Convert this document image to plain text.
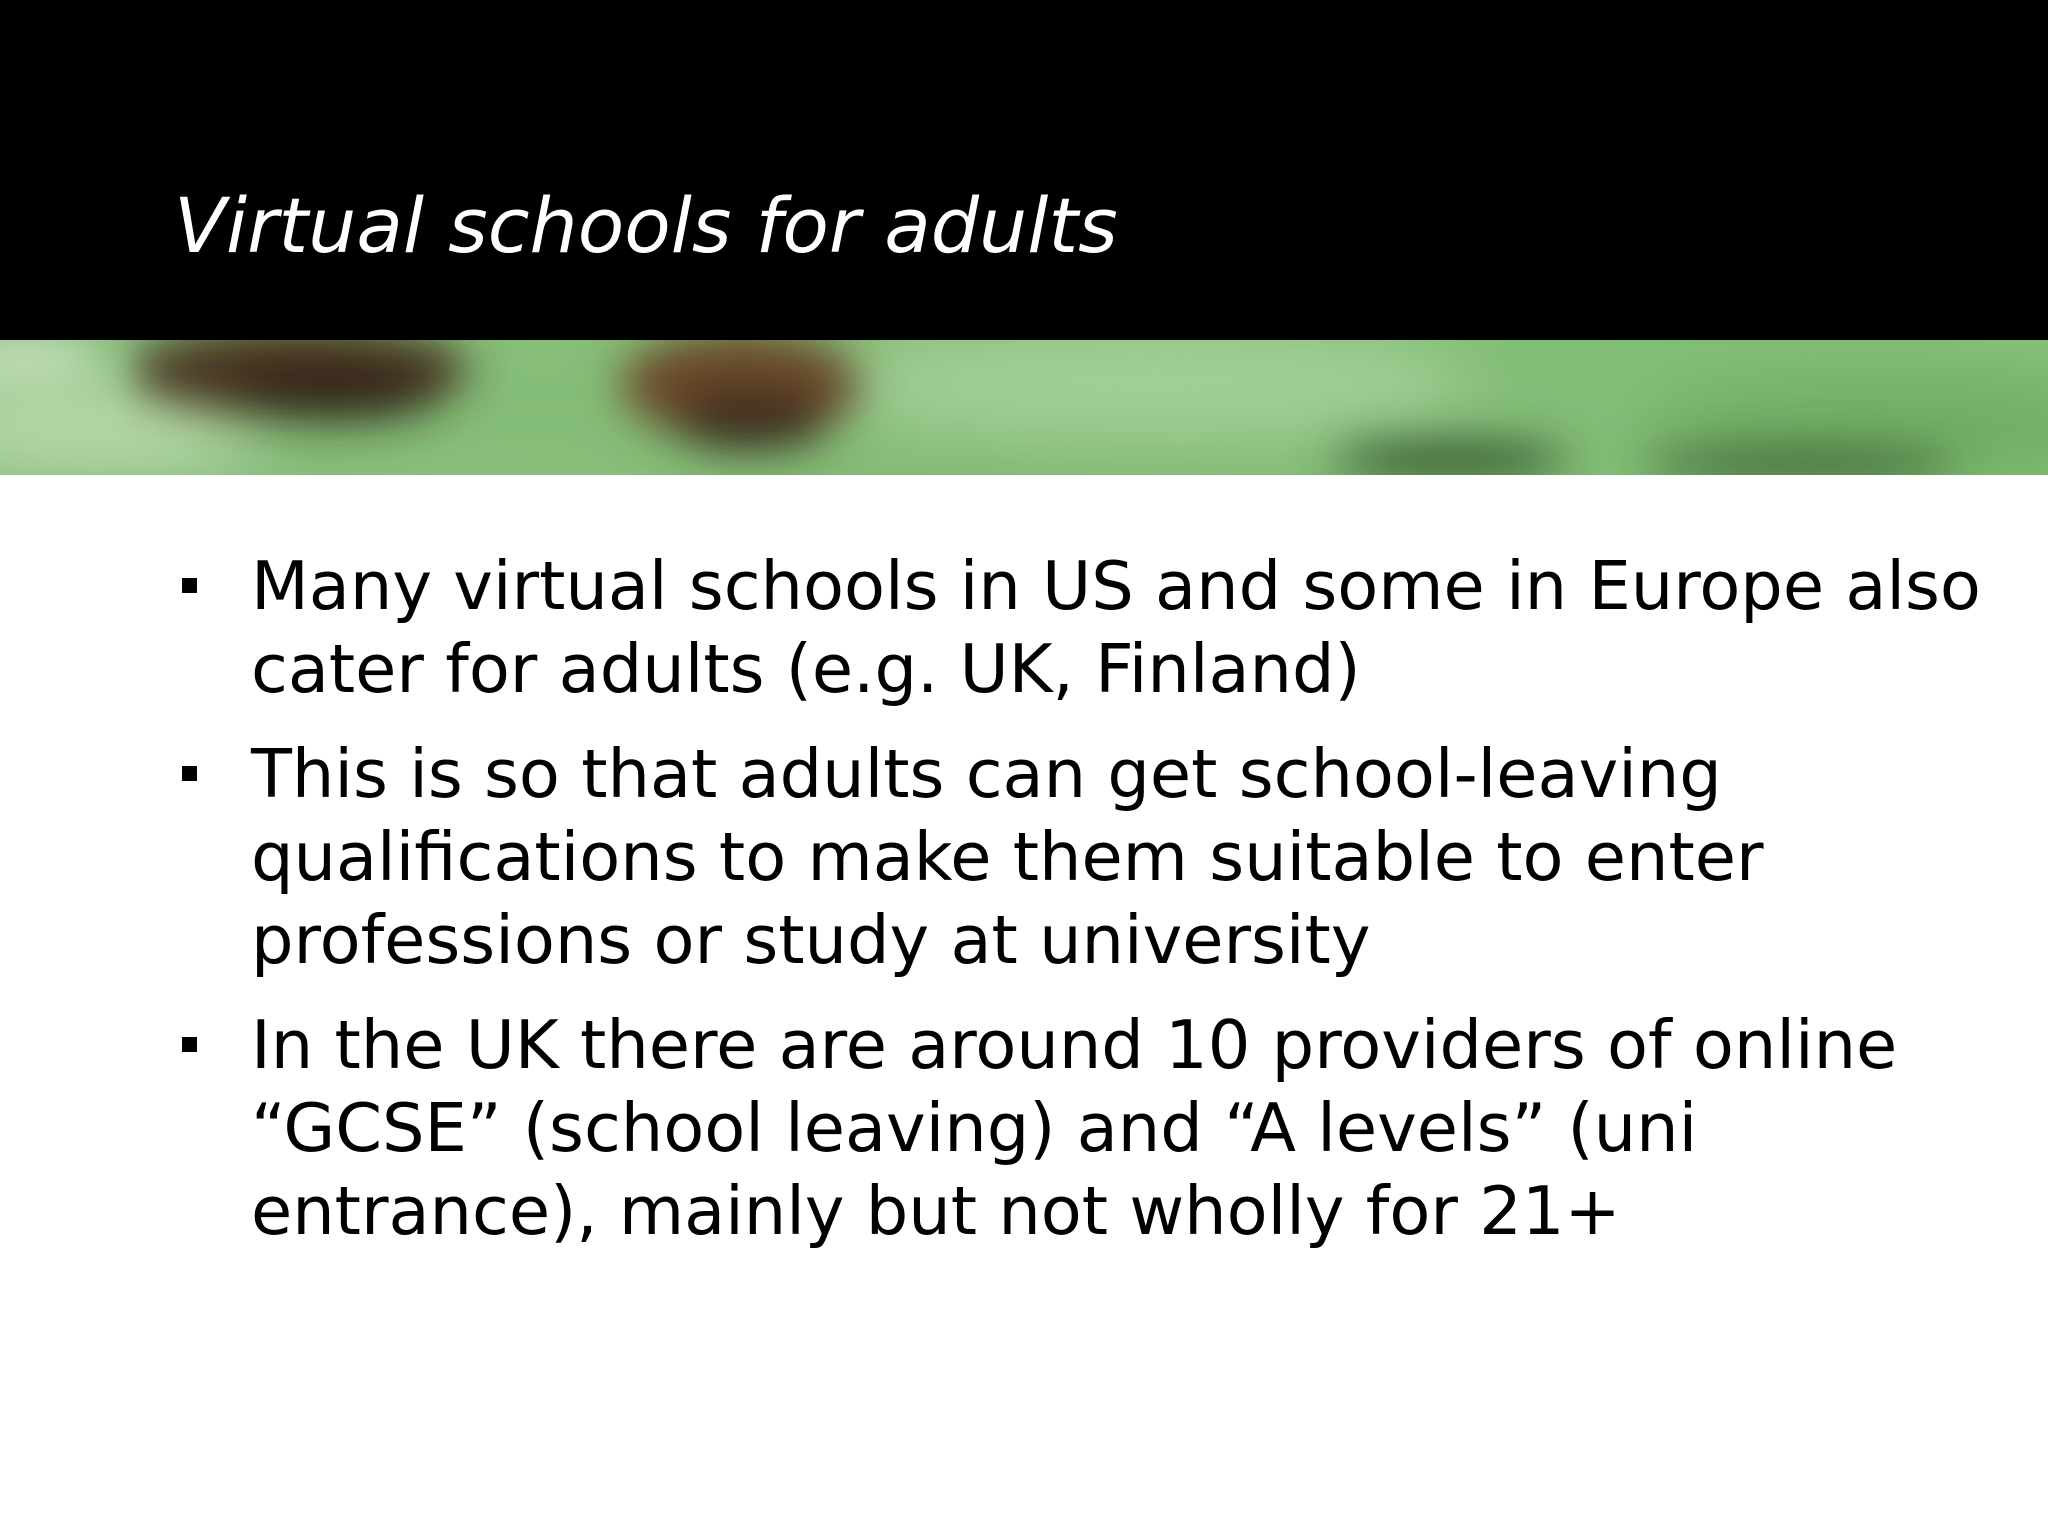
Virtual schools for adults
Many virtual schools in US and some in Europe also cater for adults (e.g. UK, Finland)
This is so that adults can get school-leaving qualifications to make them suitable to enter professions or study at university
In the UK there are around 10 providers of online “GCSE” (school leaving) and “A levels” (uni entrance), mainly but not wholly for 21+
